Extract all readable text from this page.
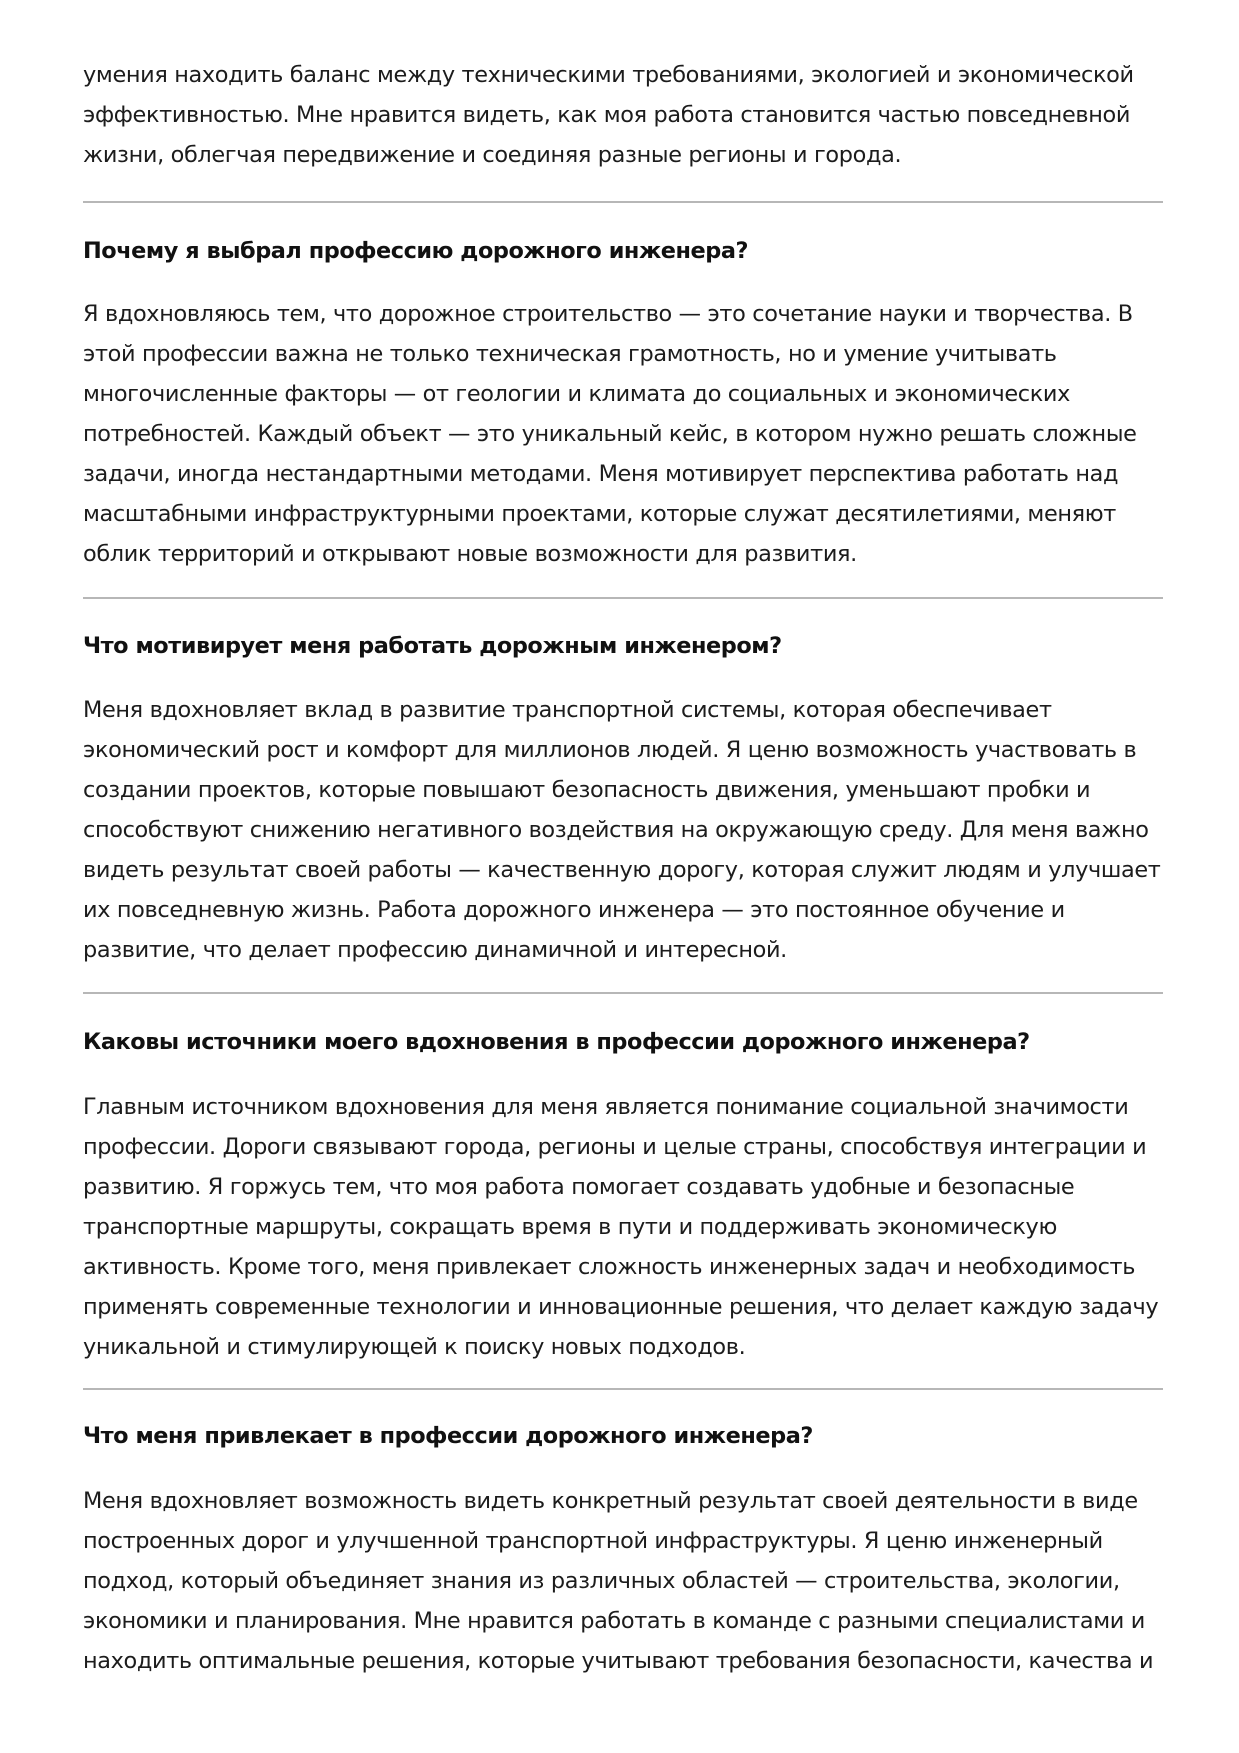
умения находить баланс между техническими требованиями, экологией и экономической
эффективностью. Мне нравится видеть, как моя работа становится частью повседневной
жизни, облегчая передвижение и соединяя разные регионы и города.

Почему я выбрал профессию дорожного инженера?

Я вдохновляюсь тем, что дорожное строительство — это сочетание науки и творчества. В
этой профессии важна не только техническая грамотность, но и умение учитывать
многочисленные факторы — от геологии и климата до социальных и экономических
потребностей. Каждый объект — это уникальный кейс, в котором нужно решать сложные
задачи, иногда нестандартными методами. Меня мотивирует перспектива работать над
масштабными инфраструктурными проектами, которые служат десятилетиями, меняют
облик территорий и открывают новые возможности для развития.

Что мотивирует меня работать дорожным инженером?

Меня вдохновляет вклад в развитие транспортной системы, которая обеспечивает
экономический рост и комфорт для миллионов людей. Я ценю возможность участвовать в
создании проектов, которые повышают безопасность движения, уменьшают пробки и
способствуют снижению негативного воздействия на окружающую среду. Для меня важно
видеть результат своей работы — качественную дорогу, которая служит людям и улучшает
их повседневную жизнь. Работа дорожного инженера — это постоянное обучение и
развитие, что делает профессию динамичной и интересной.

Каковы источники моего вдохновения в профессии дорожного инженера?

Главным источником вдохновения для меня является понимание социальной значимости
профессии. Дороги связывают города, регионы и целые страны, способствуя интеграции и
развитию. Я горжусь тем, что моя работа помогает создавать удобные и безопасные
транспортные маршруты, сокращать время в пути и поддерживать экономическую
активность. Кроме того, меня привлекает сложность инженерных задач и необходимость
применять современные технологии и инновационные решения, что делает каждую задачу
уникальной и стимулирующей к поиску новых подходов.

Что меня привлекает в профессии дорожного инженера?

Меня вдохновляет возможность видеть конкретный результат своей деятельности в виде
построенных дорог и улучшенной транспортной инфраструктуры. Я ценю инженерный
подход, который объединяет знания из различных областей — строительства, экологии,
экономики и планирования. Мне нравится работать в команде с разными специалистами и
находить оптимальные решения, которые учитывают требования безопасности, качества и
